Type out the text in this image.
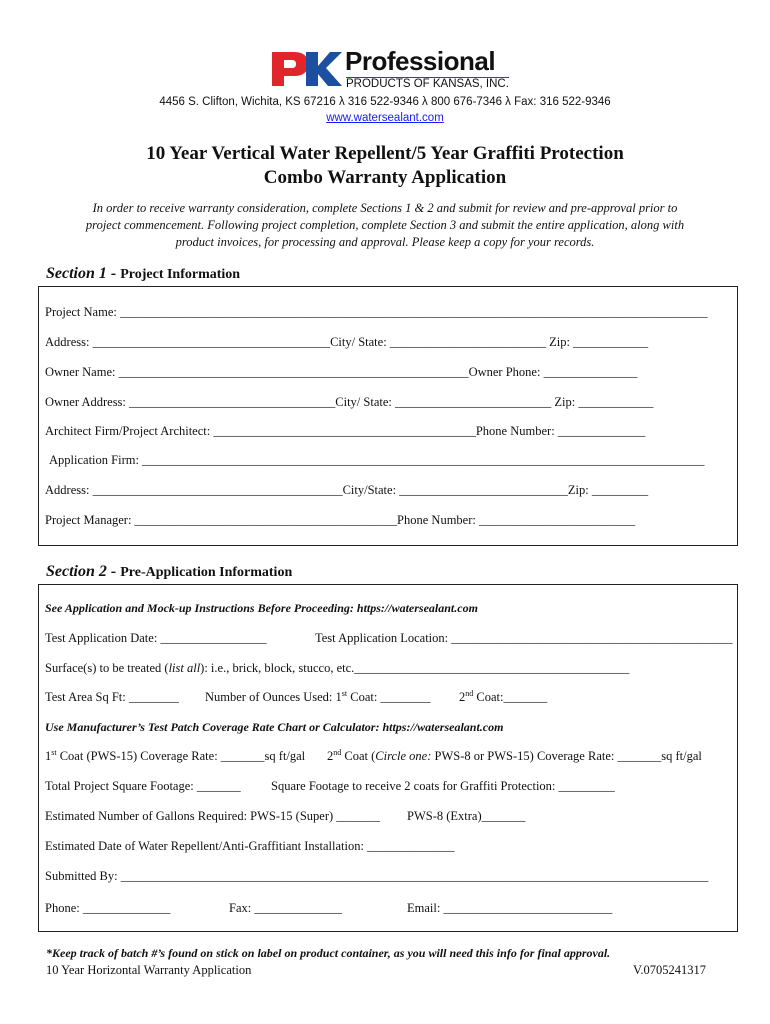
Professional
PRODUCTS OF KANSAS, INC.
4456 S. Clifton, Wichita, KS 67216 λ 316 522-9346 λ 800 676-7346 λ Fax: 316 522-9346
www.watersealant.com
10 Year Vertical Water Repellent/5 Year Graffiti Protection
Combo Warranty Application
In order to receive warranty consideration, complete Sections 1 & 2 and submit for review and pre-approval prior to
project commencement. Following project completion, complete Section 3 and submit the entire application, along with
product invoices, for processing and approval. Please keep a copy for your records.
Section 1 - Project Information
Project Name: ______________________________________________________________________________________________
Address: ______________________________________City/ State: _________________________ Zip: ____________
Owner Name: ________________________________________________________Owner Phone: _______________
Owner Address: _________________________________City/ State: _________________________ Zip: ____________
Architect Firm/Project Architect: __________________________________________Phone Number: ______________
Application Firm: __________________________________________________________________________________________
Address: ________________________________________City/State: ___________________________Zip: _________
Project Manager: __________________________________________Phone Number: _________________________
Section 2 - Pre-Application Information
See Application and Mock-up Instructions Before Proceeding: https://watersealant.com
Test Application Date: _________________	Test Application Location: _____________________________________________
Surface(s) to be treated (list all): i.e., brick, block, stucco, etc.____________________________________________
Test Area Sq Ft: ________ Number of Ounces Used: 1st Coat: ________ 2nd Coat:_______
Use Manufacturer’s Test Patch Coverage Rate Chart or Calculator: https://watersealant.com
1st Coat (PWS-15) Coverage Rate: _______sq ft/gal 2nd Coat (Circle one: PWS-8 or PWS-15) Coverage Rate: _______sq ft/gal
Total Project Square Footage: _______ Square Footage to receive 2 coats for Graffiti Protection: _________
Estimated Number of Gallons Required: PWS-15 (Super) _______ PWS-8 (Extra)_______
Estimated Date of Water Repellent/Anti-Graffitiant Installation: ______________
Submitted By: ______________________________________________________________________________________________
Phone: ______________	Fax: ______________	Email: ___________________________
*Keep track of batch #’s found on stick on label on product container, as you will need this info for final approval.
10 Year Horizontal Warranty Application	V.0705241317
